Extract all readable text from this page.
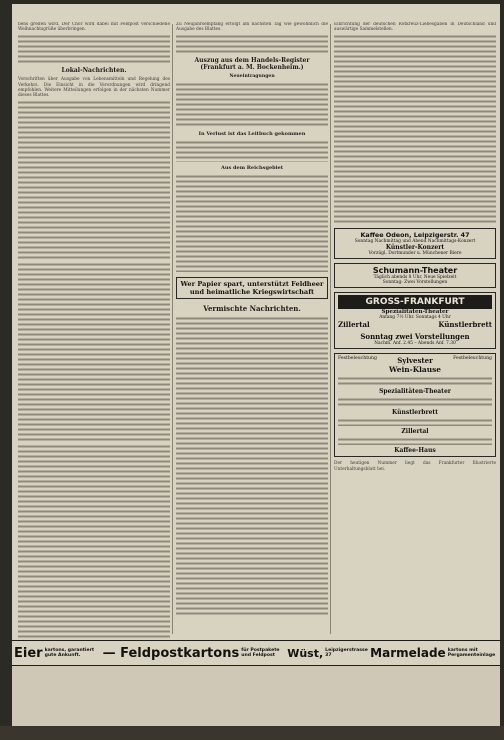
bens greifen wird. Der Chor wird dabei mit Feldpost verschiedene Weihnachtsgrüße überbringen.

Lokal-Nachrichten.

Vorschriften über Ausgabe von Lebensmitteln und Regelung des Verkehrs. Die Einsicht in die Verordnungen wird dringend empfohlen. Weitere Mitteilungen erfolgen in der nächsten Nummer dieses Blattes.

Zu Neujahrsempfang erfolgt am nächsten Tag wie gewöhnlich die Ausgabe des Blattes.

Auszug aus dem Handels-Register (Frankfurt a. M. Bockenheim.)
Neueintragungen
In Verlust ist das Leitbuch gekommen
Aus dem Reichsgebiet
Wer Papier spart, unterstützt Feldheer und heimatliche Kriegswirtschaft
Vermischte Nachrichten.

Einrichtung der deutschen Rotkreuz-Liebesgaben in Deutschland und auswärtige Sammelstellen.

Kaffee Odeon, Leipzigerstr. 47
Sonntag Nachmittag und Abend Nachmittags-Konzert
Künstler-Konzert
Vorzügl. Dortmunder u. Münchener Biere
Schumann-Theater
Täglich abends 8 Uhr, Neue Spielzeit
Sonntag: Zwei Vorstellungen
GROSS-FRANKFURT
Spezialitäten-Theater
Anfang 7½ Uhr. Sonntags 4 Uhr
Zillertal	Künstlerbrett
Sonntag zwei Vorstellungen
Nachm. Anf. 2.45 – Abends Anf. 7.30
Festbeleuchtung	Sylvester	Festbeleuchtung
Wein-Klause
Spezialitäten-Theater
Künstlerbrett
Zillertal
Kaffee-Haus

Der heutigen Nummer liegt das Frankfurter Illustrierte Unterhaltungsblatt bei.

Eier kartons, garantiert gute Ankunft.	— Feldpostkartons für Postpakete und Feldpost	Wüst, Leipzigerstrasse 37	Marmelade kartons mit Pergamenteinlage
